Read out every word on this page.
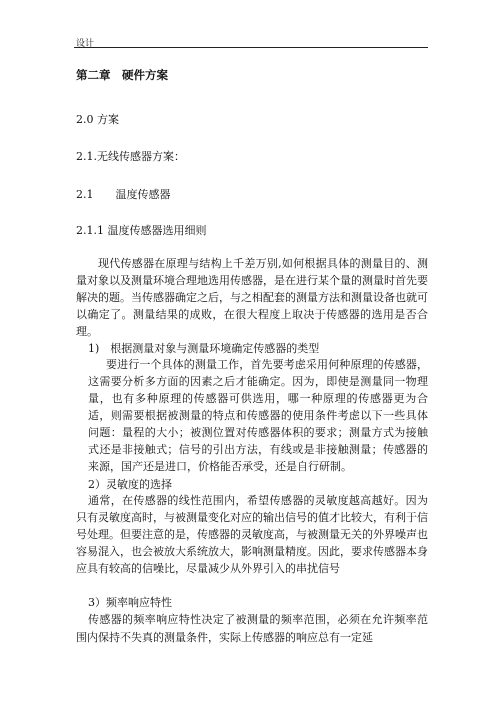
设计
第二章　硬件方案
2.0 方案
2.1.无线传感器方案：
2.1 温度传感器
2.1.1 温度传感器选用细则

现代传感器在原理与结构上千差万别,如何根据具体的测量目的、测量对象以及测量环境合理地选用传感器，是在进行某个量的测量时首先要解决的题。当传感器确定之后，与之相配套的测量方法和测量设备也就可以确定了。测量结果的成败，在很大程度上取决于传感器的选用是否合理。

1)　根据测量对象与测量环境确定传感器的类型

要进行一个具体的测量工作，首先要考虑采用何种原理的传感器，这需要分析多方面的因素之后才能确定。因为，即使是测量同一物理量，也有多种原理的传感器可供选用，哪一种原理的传感器更为合适，则需要根据被测量的特点和传感器的使用条件考虑以下一些具体问题：量程的大小；被测位置对传感器体积的要求；测量方式为接触式还是非接触式；信号的引出方法，有线或是非接触测量；传感器的来源，国产还是进口，价格能否承受，还是自行研制。

2）灵敏度的选择

通常，在传感器的线性范围内，希望传感器的灵敏度越高越好。因为只有灵敏度高时，与被测量变化对应的输出信号的值才比较大，有利于信号处理。但要注意的是，传感器的灵敏度高，与被测量无关的外界噪声也容易混入，也会被放大系统放大，影响测量精度。因此，要求传感器本身应具有较高的信噪比，尽量减少从外界引入的串扰信号

3）频率响应特性

传感器的频率响应特性决定了被测量的频率范围，必须在允许频率范围内保持不失真的测量条件，实际上传感器的响应总有一定延
